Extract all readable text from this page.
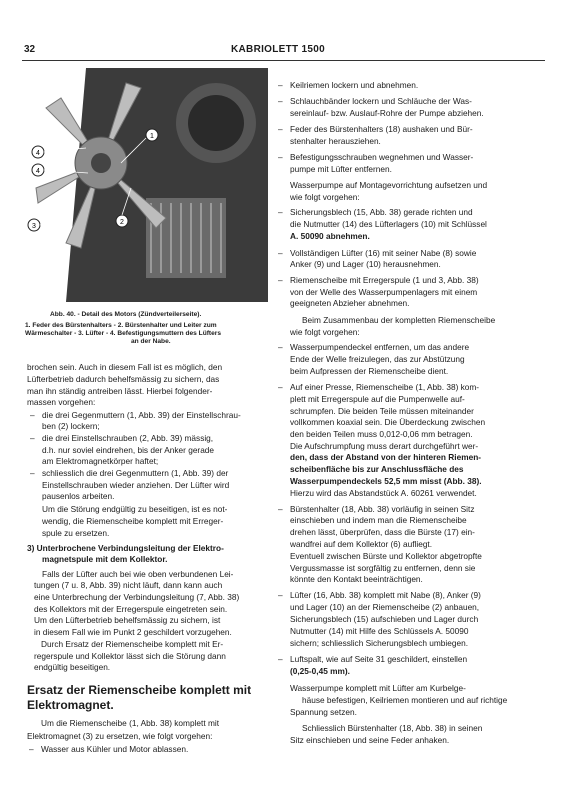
32	KABRIOLETT 1500
1
2
3
4
4
Abb. 40. - Detail des Motors (Zündverteilerseite).
1. Feder des Bürstenhalters - 2. Bürstenhalter und Leiter zum
Wärmeschalter - 3. Lüfter - 4. Befestigungsmuttern des Lüfters
an der Nabe.
brochen sein. Auch in diesem Fall ist es möglich, den
Lüfterbetrieb dadurch behelfsmässig zu sichern, das
man ihn ständig antreiben lässt. Hierbei folgender-
massen vorgehen:
– die drei Gegenmuttern (1, Abb. 39) der Einstellschrau-
ben (2) lockern;
– die drei Einstellschrauben (2, Abb. 39) mässig,
d.h. nur soviel eindrehen, bis der Anker gerade
am Elektromagnetkörper haftet;
– schliesslich die drei Gegenmuttern (1, Abb. 39) der
Einstellschrauben wieder anziehen. Der Lüfter wird
pausenlos arbeiten.
Um die Störung endgültig zu beseitigen, ist es not-
wendig, die Riemenscheibe komplett mit Erreger-
spule zu ersetzen.
3) Unterbrochene Verbindungsleitung der Elektro-
magnetspule mit dem Kollektor.
Falls der Lüfter auch bei wie oben verbundenen Lei-
tungen (7 u. 8, Abb. 39) nicht läuft, dann kann auch
eine Unterbrechung der Verbindungsleitung (7, Abb. 38)
des Kollektors mit der Erregerspule eingetreten sein.
Um den Lüfterbetrieb behelfsmässig zu sichern, ist
in diesem Fall wie im Punkt 2 geschildert vorzugehen.
Durch Ersatz der Riemenscheibe komplett mit Er-
regerspule und Kollektor lässt sich die Störung dann
endgültig beseitigen.
Um die Riemenscheibe (1, Abb. 38) komplett mit
Elektromagnet (3) zu ersetzen, wie folgt vorgehen:
– Wasser aus Kühler und Motor ablassen.
Ersatz der Riemenscheibe komplett mit
Elektromagnet.
– Keilriemen lockern und abnehmen.
– Schlauchbänder lockern und Schläuche der Was-
sereinlauf- bzw. Auslauf-Rohre der Pumpe abziehen.
– Feder des Bürstenhalters (18) aushaken und Bür-
stenhalter herausziehen.
– Befestigungsschrauben wegnehmen und Wasser-
pumpe mit Lüfter entfernen.
Wasserpumpe auf Montagevorrichtung aufsetzen und
wie folgt vorgehen:
– Sicherungsblech (15, Abb. 38) gerade richten und
die Nutmutter (14) des Lüfterlagers (10) mit Schlüssel
A. 50090 abnehmen.
– Vollständigen Lüfter (16) mit seiner Nabe (8) sowie
Anker (9) und Lager (10) herausnehmen.
– Riemenscheibe mit Erregerspule (1 und 3, Abb. 38)
von der Welle des Wasserpumpenlagers mit einem
geeigneten Abzieher abnehmen.
Beim Zusammenbau der kompletten Riemenscheibe
wie folgt vorgehen:
– Wasserpumpendeckel entfernen, um das andere
Ende der Welle freizulegen, das zur Abstützung
beim Aufpressen der Riemenscheibe dient.
– Auf einer Presse, Riemenscheibe (1, Abb. 38) kom-
plett mit Erregerspule auf die Pumpenwelle auf-
schrumpfen. Die beiden Teile müssen miteinander
vollkommen koaxial sein. Die Überdeckung zwischen
den beiden Teilen muss 0,012-0,06 mm betragen.
Die Aufschrumpfung muss derart durchgeführt wer-
den, dass der Abstand von der hinteren Riemen-
scheibenfläche bis zur Anschlussfläche des
Wasserpumpendeckels 52,5 mm misst (Abb. 38).
Hierzu wird das Abstandstück A. 60261 verwendet.
– Bürstenhalter (18, Abb. 38) vorläufig in seinen Sitz
einschieben und indem man die Riemenscheibe
drehen lässt, überprüfen, dass die Bürste (17) ein-
wandfrei auf dem Kollektor (6) aufliegt.
Eventuell zwischen Bürste und Kollektor abgetropfte
Vergussmasse ist sorgfältig zu entfernen, denn sie
könnte den Kontakt beeinträchtigen.
– Lüfter (16, Abb. 38) komplett mit Nabe (8), Anker (9)
und Lager (10) an der Riemenscheibe (2) anbauen,
Sicherungsblech (15) aufschieben und Lager durch
Nutmutter (14) mit Hilfe des Schlüssels A. 50090
sichern; schliesslich Sicherungsblech umbiegen.
– Luftspalt, wie auf Seite 31 geschildert, einstellen
(0,25-0,45 mm).
Wasserpumpe komplett mit Lüfter am Kurbelge-
häuse befestigen, Keilriemen montieren und auf richtige
Spannung setzen.
Schliesslich Bürstenhalter (18, Abb. 38) in seinen
Sitz einschieben und seine Feder anhaken.
